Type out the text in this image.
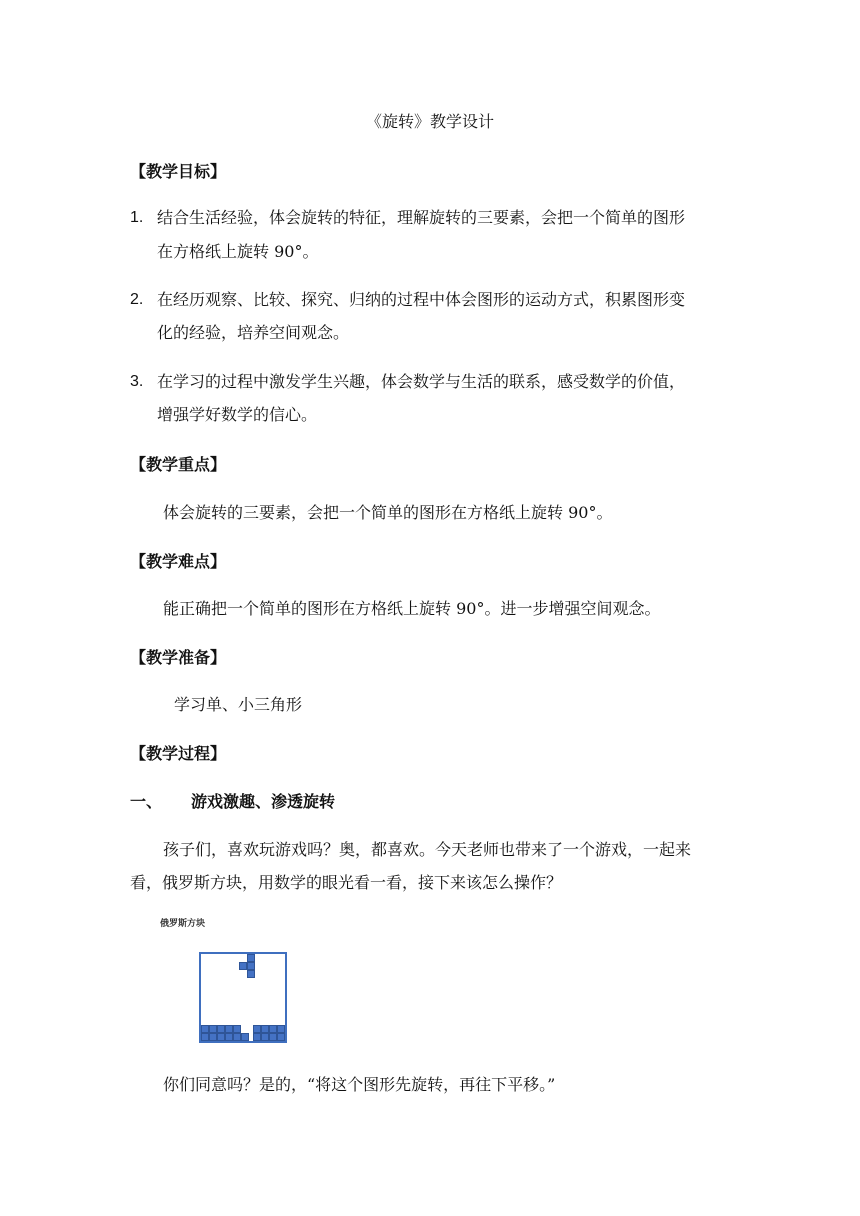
《旋转》教学设计
【教学目标】
1. 结合生活经验，体会旋转的特征，理解旋转的三要素，会把一个简单的图形
在方格纸上旋转 90°。
2. 在经历观察、比较、探究、归纳的过程中体会图形的运动方式，积累图形变
化的经验，培养空间观念。
3. 在学习的过程中激发学生兴趣，体会数学与生活的联系，感受数学的价值，
增强学好数学的信心。
【教学重点】
体会旋转的三要素，会把一个简单的图形在方格纸上旋转 90°。
【教学难点】
能正确把一个简单的图形在方格纸上旋转 90°。进一步增强空间观念。
【教学准备】
学习单、小三角形
【教学过程】
一、 游戏激趣、渗透旋转
孩子们，喜欢玩游戏吗？奥，都喜欢。今天老师也带来了一个游戏，一起来
看，俄罗斯方块，用数学的眼光看一看，接下来该怎么操作？
俄罗斯方块
你们同意吗？是的，“将这个图形先旋转，再往下平移。”
